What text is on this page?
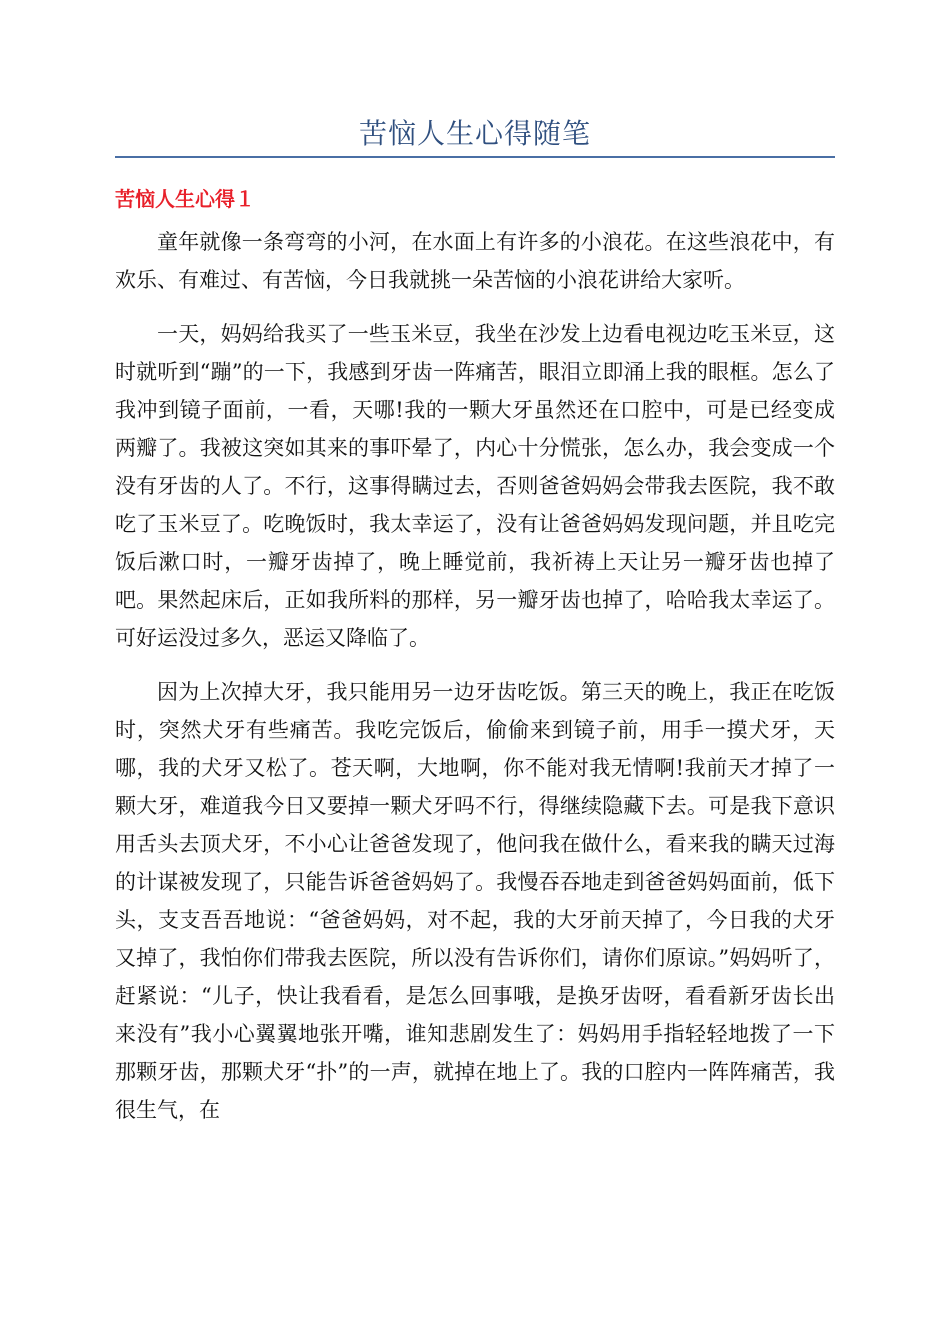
苦恼人生心得随笔
苦恼人生心得１

童年就像一条弯弯的小河，在水面上有许多的小浪花。在这些浪花中，有欢乐、有难过、有苦恼，今日我就挑一朵苦恼的小浪花讲给大家听。

一天，妈妈给我买了一些玉米豆，我坐在沙发上边看电视边吃玉米豆，这时就听到“蹦”的一下，我感到牙齿一阵痛苦，眼泪立即涌上我的眼框。怎么了我冲到镜子面前，一看，天哪!我的一颗大牙虽然还在口腔中，可是已经变成两瓣了。我被这突如其来的事吓晕了，内心十分慌张，怎么办，我会变成一个没有牙齿的人了。不行，这事得瞒过去，否则爸爸妈妈会带我去医院，我不敢吃了玉米豆了。吃晚饭时，我太幸运了，没有让爸爸妈妈发现问题，并且吃完饭后漱口时，一瓣牙齿掉了，晚上睡觉前，我祈祷上天让另一瓣牙齿也掉了吧。果然起床后，正如我所料的那样，另一瓣牙齿也掉了，哈哈我太幸运了。可好运没过多久，恶运又降临了。

因为上次掉大牙，我只能用另一边牙齿吃饭。第三天的晚上，我正在吃饭时，突然犬牙有些痛苦。我吃完饭后，偷偷来到镜子前，用手一摸犬牙，天哪，我的犬牙又松了。苍天啊，大地啊，你不能对我无情啊!我前天才掉了一颗大牙，难道我今日又要掉一颗犬牙吗不行，得继续隐藏下去。可是我下意识用舌头去顶犬牙，不小心让爸爸发现了，他问我在做什么，看来我的瞒天过海的计谋被发现了，只能告诉爸爸妈妈了。我慢吞吞地走到爸爸妈妈面前，低下头，支支吾吾地说：“爸爸妈妈，对不起，我的大牙前天掉了，今日我的犬牙又掉了，我怕你们带我去医院，所以没有告诉你们，请你们原谅。”妈妈听了，赶紧说：“儿子，快让我看看，是怎么回事哦，是换牙齿呀，看看新牙齿长出来没有”我小心翼翼地张开嘴，谁知悲剧发生了：妈妈用手指轻轻地拨了一下那颗牙齿，那颗犬牙“扑”的一声，就掉在地上了。我的口腔内一阵阵痛苦，我很生气，在
